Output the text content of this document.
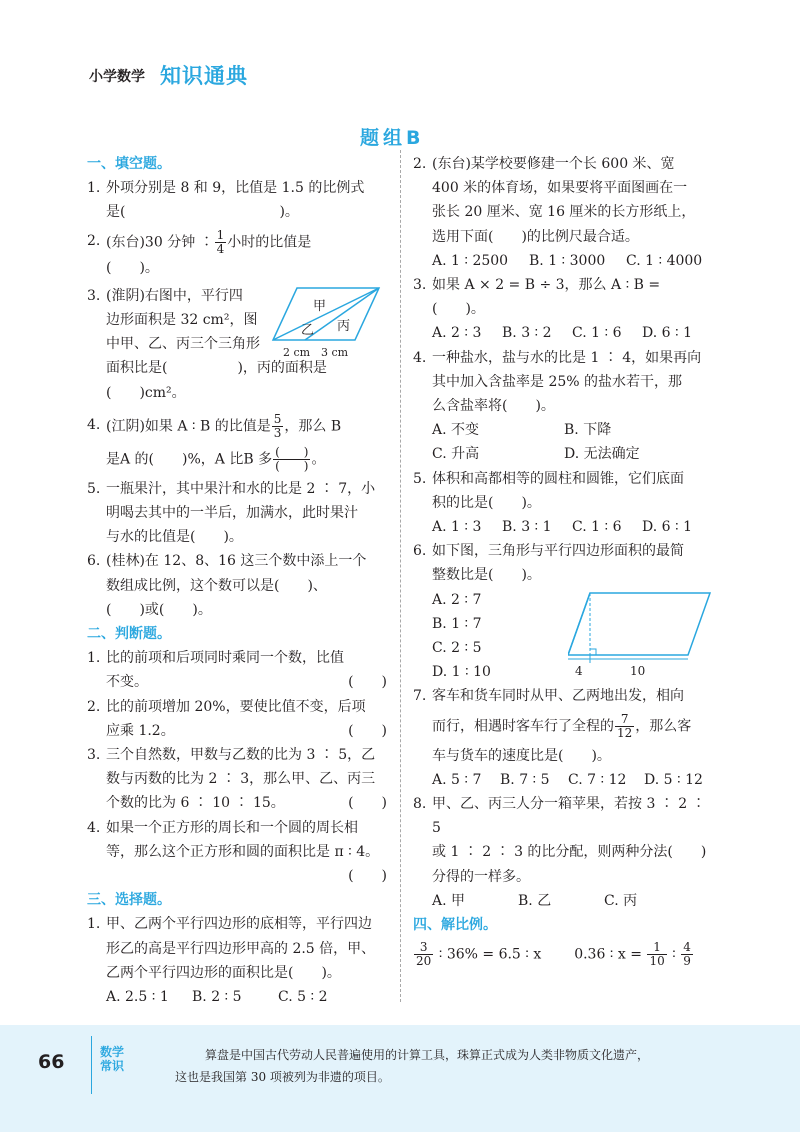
小学数学 知识通典
题组B
一、填空题。
1. 外项分别是 8 和 9，比值是 1.5 的比例式
是(　　　　　　　　　　　)。
2. (东台)30 分钟 ∶ $\frac{1}{4}$ 小时的比值是
(　　)。
3. (淮阴)右图中，平行四
边形面积是 32 cm²，图
中甲、乙、丙三个三角形
面积比是(　　　　　)，丙的面积是
(　　)cm²。
甲
乙 丙
2 cm 3 cm
4. (江阴)如果 A ∶ B 的比值是 $\frac{5}{3}$ ，那么 B
是A 的(　　)%，A 比B 多 $\frac{( )}{( )}$ 。
5. 一瓶果汁，其中果汁和水的比是 2 ∶ 7，小
明喝去其中的一半后，加满水，此时果汁
与水的比值是(　　)。
6. (桂林)在 12、8、16 这三个数中添上一个
数组成比例，这个数可以是(　　)、
(　　)或(　　)。
二、判断题。
1. 比的前项和后项同时乘同一个数，比值
不变。	(　　)
2. 比的前项增加 20%，要使比值不变，后项
应乘 1.2。	(　　)
3. 三个自然数，甲数与乙数的比为 3 ∶ 5，乙
数与丙数的比为 2 ∶ 3，那么甲、乙、丙三
个数的比为 6 ∶ 10 ∶ 15。	(　　)
4. 如果一个正方形的周长和一个圆的周长相
等，那么这个正方形和圆的面积比是 π ∶ 4。
(　　)
三、选择题。
1. 甲、乙两个平行四边形的底相等，平行四边
形乙的高是平行四边形甲高的 2.5 倍，甲、
乙两个平行四边形的面积比是(　　)。
A. 2.5 ∶ 1 B. 2 ∶ 5	C. 5 ∶ 2
2. (东台)某学校要修建一个长 600 米、宽
400 米的体育场，如果要将平面图画在一
张长 20 厘米、宽 16 厘米的长方形纸上，
选用下面(　　)的比例尺最合适。
A. 1 ∶ 2500 B. 1 ∶ 3000 C. 1 ∶ 4000
3. 如果 A × 2 = B ÷ 3，那么 A ∶ B = (　　)。
A. 2 ∶ 3 B. 3 ∶ 2 C. 1 ∶ 6 D. 6 ∶ 1
4. 一种盐水，盐与水的比是 1 ∶ 4，如果再向
其中加入含盐率是 25% 的盐水若干，那
么含盐率将(　　)。
A. 不变	B. 下降
C. 升高	D. 无法确定
5. 体积和高都相等的圆柱和圆锥，它们底面
积的比是(　　)。
A. 1 ∶ 3 B. 3 ∶ 1 C. 1 ∶ 6 D. 6 ∶ 1
6. 如下图，三角形与平行四边形面积的最简
整数比是(　　)。
A. 2 ∶ 7
B. 1 ∶ 7
C. 2 ∶ 5
D. 1 ∶ 10	4	10
7. 客车和货车同时从甲、乙两地出发，相向
而行，相遇时客车行了全程的 $\frac{7}{12}$ ，那么客
车与货车的速度比是(　　)。
A. 5 ∶ 7 B. 7 ∶ 5 C. 7 ∶ 12 D. 5 ∶ 12
8. 甲、乙、丙三人分一箱苹果，若按 3 ∶ 2 ∶ 5
或 1 ∶ 2 ∶ 3 的比分配，则两种分法(　　)
分得的一样多。
A. 甲	B. 乙	C. 丙
四、解比例。
$\frac{3}{20}$ ∶ 36% = 6.5 ∶ x 0.36 ∶ $x = \frac{1}{10}$ ∶ $\frac{4}{9}$
66	数学常识
算盘是中国古代劳动人民普遍使用的计算工具，珠算正式成为人类非物质文化遗产，
这也是我国第 30 项被列为非遗的项目。
